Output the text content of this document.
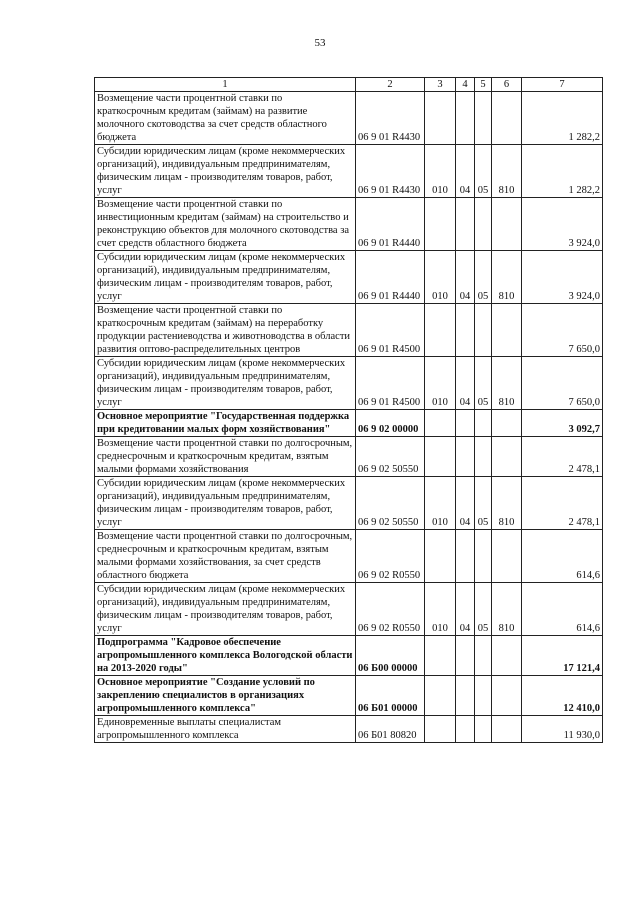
53
1	2	3	4	5	6	7
Возмещение части процентной ставки по краткосрочным кредитам (займам) на развитие молочного скотоводства за счет средств областного бюджета	06 9 01 R4430					1 282,2
Субсидии юридическим лицам (кроме некоммерческих организаций), индивидуальным предпринимателям, физическим лицам - производителям товаров, работ, услуг	06 9 01 R4430	010	04	05	810	1 282,2
Возмещение части процентной ставки по инвестиционным кредитам (займам) на строительство и реконструкцию объектов для молочного скотоводства за счет средств областного бюджета	06 9 01 R4440					3 924,0
Субсидии юридическим лицам (кроме некоммерческих организаций), индивидуальным предпринимателям, физическим лицам - производителям товаров, работ, услуг	06 9 01 R4440	010	04	05	810	3 924,0
Возмещение части процентной ставки по краткосрочным кредитам (займам) на переработку продукции растениеводства и животноводства в области развития оптово-распределительных центров	06 9 01 R4500					7 650,0
Субсидии юридическим лицам (кроме некоммерческих организаций), индивидуальным предпринимателям, физическим лицам - производителям товаров, работ, услуг	06 9 01 R4500	010	04	05	810	7 650,0
Основное мероприятие "Государственная поддержка при кредитовании малых форм хозяйствования"	06 9 02 00000					3 092,7
Возмещение части процентной ставки по долгосрочным, среднесрочным и краткосрочным кредитам, взятым малыми формами хозяйствования	06 9 02 50550					2 478,1
Субсидии юридическим лицам (кроме некоммерческих организаций), индивидуальным предпринимателям, физическим лицам - производителям товаров, работ, услуг	06 9 02 50550	010	04	05	810	2 478,1
Возмещение части процентной ставки по долгосрочным, среднесрочным и краткосрочным кредитам, взятым малыми формами хозяйствования, за счет средств областного бюджета	06 9 02 R0550					614,6
Субсидии юридическим лицам (кроме некоммерческих организаций), индивидуальным предпринимателям, физическим лицам - производителям товаров, работ, услуг	06 9 02 R0550	010	04	05	810	614,6
Подпрограмма "Кадровое обеспечение агропромышленного комплекса Вологодской области на 2013-2020 годы"	06 Б00 00000					17 121,4
Основное мероприятие "Создание условий по закреплению специалистов в организациях агропромышленного комплекса"	06 Б01 00000					12 410,0
Единовременные выплаты специалистам агропромышленного комплекса	06 Б01 80820					11 930,0
